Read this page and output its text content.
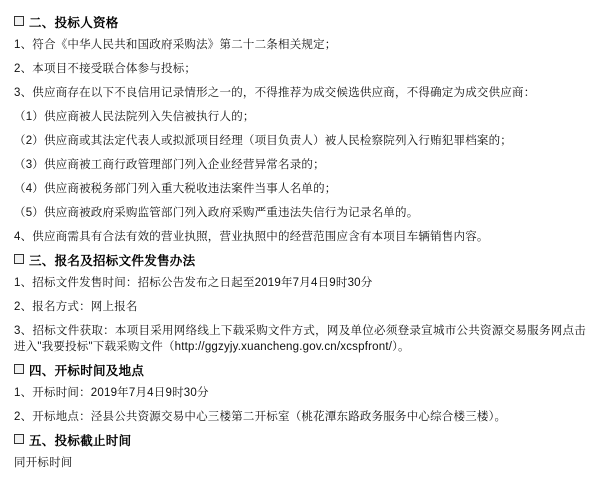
二、投标人资格

1、符合《中华人民共和国政府采购法》第二十二条相关规定；

2、本项目不接受联合体参与投标；

3、供应商存在以下不良信用记录情形之一的，不得推荐为成交候选供应商，不得确定为成交供应商：

（1）供应商被人民法院列入失信被执行人的；

（2）供应商或其法定代表人或拟派项目经理（项目负责人）被人民检察院列入行贿犯罪档案的；

（3）供应商被工商行政管理部门列入企业经营异常名录的；

（4）供应商被税务部门列入重大税收违法案件当事人名单的；

（5）供应商被政府采购监管部门列入政府采购严重违法失信行为记录名单的。

4、供应商需具有合法有效的营业执照，营业执照中的经营范围应含有本项目车辆销售内容。

三、报名及招标文件发售办法

1、招标文件发售时间：招标公告发布之日起至2019年7月4日9时30分

2、报名方式：网上报名

3、招标文件获取：本项目采用网络线上下载采购文件方式，网及单位必须登录宣城市公共资源交易服务网点击进入"我要投标"下载采购文件（http://ggzyjy.xuancheng.gov.cn/xcspfront/）。

四、开标时间及地点

1、开标时间：2019年7月4日9时30分

2、开标地点：泾县公共资源交易中心三楼第二开标室（桃花潭东路政务服务中心综合楼三楼）。

五、投标截止时间

同开标时间
